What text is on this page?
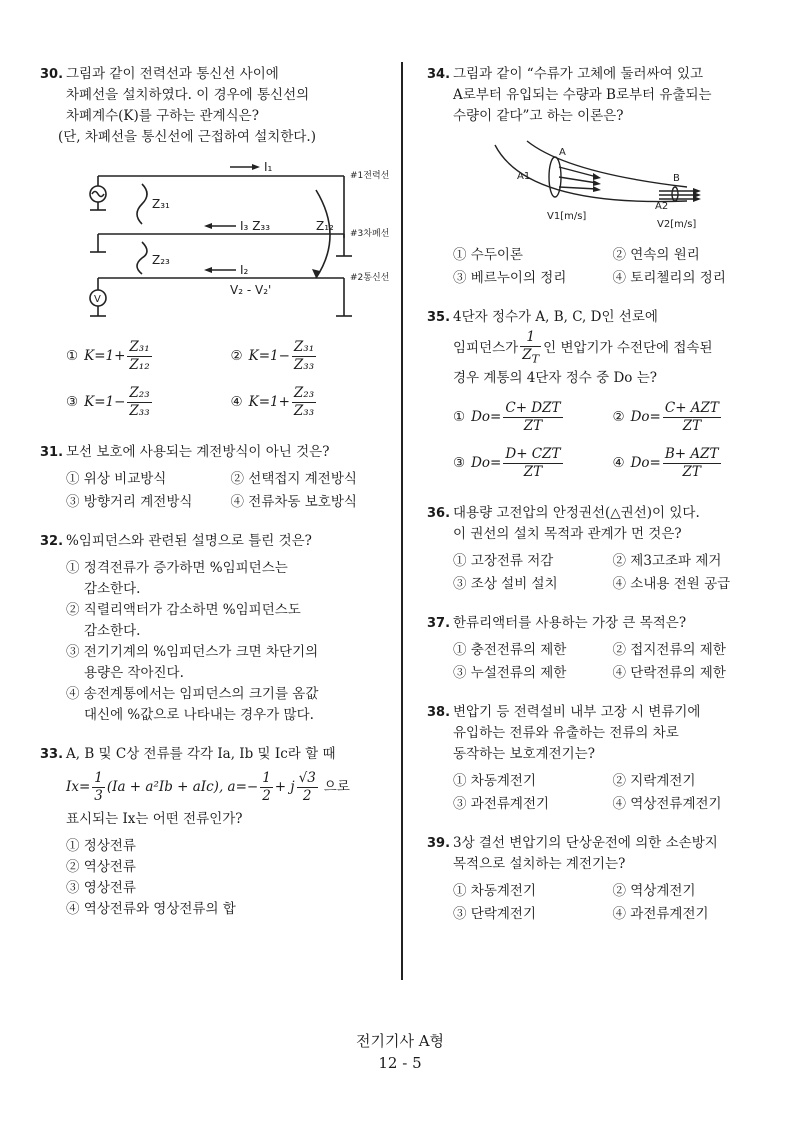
30. 그림과 같이 전력선과 통신선 사이에
차폐선을 설치하였다. 이 경우에 통신선의
차폐계수(K)를 구하는 관계식은?
(단, 차폐선을 통신선에 근접하여 설치한다.)
I₁
Z₃₁
I₃ Z₃₃	Z₁₂
Z₂₃
I₂
V₂ - V₂'
V
#1전력선
#3차폐선
#2통신선
① $K=1+ \frac{\text{Z₃₁}}{\text{Z₁₂}}$	② $K=1- \frac{\text{Z₃₁}}{\text{Z₃₃}}$
③ $K=1- \frac{\text{Z₂₃}}{\text{Z₃₃}}$	④ $K=1+ \frac{\text{Z₂₃}}{\text{Z₃₃}}$
31. 모선 보호에 사용되는 계전방식이 아닌 것은?
① 위상 비교방식	② 선택접지 계전방식
③ 방향거리 계전방식	④ 전류차동 보호방식
32. %임피던스와 관련된 설명으로 틀린 것은?
① 정격전류가 증가하면 %임피던스는
감소한다.
② 직렬리액터가 감소하면 %임피던스도
감소한다.
③ 전기기계의 %임피던스가 크면 차단기의
용량은 작아진다.
④ 송전계통에서는 임피던스의 크기를 옴값
대신에 %값으로 나타내는 경우가 많다.
33. A, B 및 C상 전류를 각각 Ia, Ib 및 Ic라 할 때
$Ix= \frac{1}{3} (Ia + a^2Ib + aIc)$, $a=- \frac{1}{2} + j \frac{√3}{2}$ 으로
표시되는 Ix는 어떤 전류인가?
① 정상전류
② 역상전류
③ 영상전류
④ 역상전류와 영상전류의 합
34. 그림과 같이 “수류가 고체에 둘러싸여 있고
A로부터 유입되는 수량과 B로부터 유출되는
수량이 같다”고 하는 이론은?
A
A1	B
A2
V1[m/s]
V2[m/s]
① 수두이론	② 연속의 원리
③ 베르누이의 정리	④ 토리첼리의 정리
35. 4단자 정수가 A, B, C, D인 선로에
임피던스가 $\frac{1}{Z_T}$ 인 변압기가 수전단에 접속된
경우 계통의 4단자 정수 중 Do 는?
① $Do= \frac{\text{C+ DZT}}{ZT}$	② $Do= \frac{\text{C+ AZT}}{ZT}$
③ $Do= \frac{\text{D+ CZT}}{ZT}$	④ $Do= \frac{\text{B+ AZT}}{ZT}$
36. 대용량 고전압의 안정권선(△권선)이 있다.
이 권선의 설치 목적과 관계가 먼 것은?
① 고장전류 저감	② 제3고조파 제거
③ 조상 설비 설치	④ 소내용 전원 공급
37. 한류리액터를 사용하는 가장 큰 목적은?
① 충전전류의 제한	② 접지전류의 제한
③ 누설전류의 제한	④ 단락전류의 제한
38. 변압기 등 전력설비 내부 고장 시 변류기에
유입하는 전류와 유출하는 전류의 차로
동작하는 보호계전기는?
① 차동계전기	② 지락계전기
③ 과전류계전기	④ 역상전류계전기
39. 3상 결선 변압기의 단상운전에 의한 소손방지
목적으로 설치하는 계전기는?
① 차동계전기	② 역상계전기
③ 단락계전기	④ 과전류계전기
전기기사 A형
12 - 5
